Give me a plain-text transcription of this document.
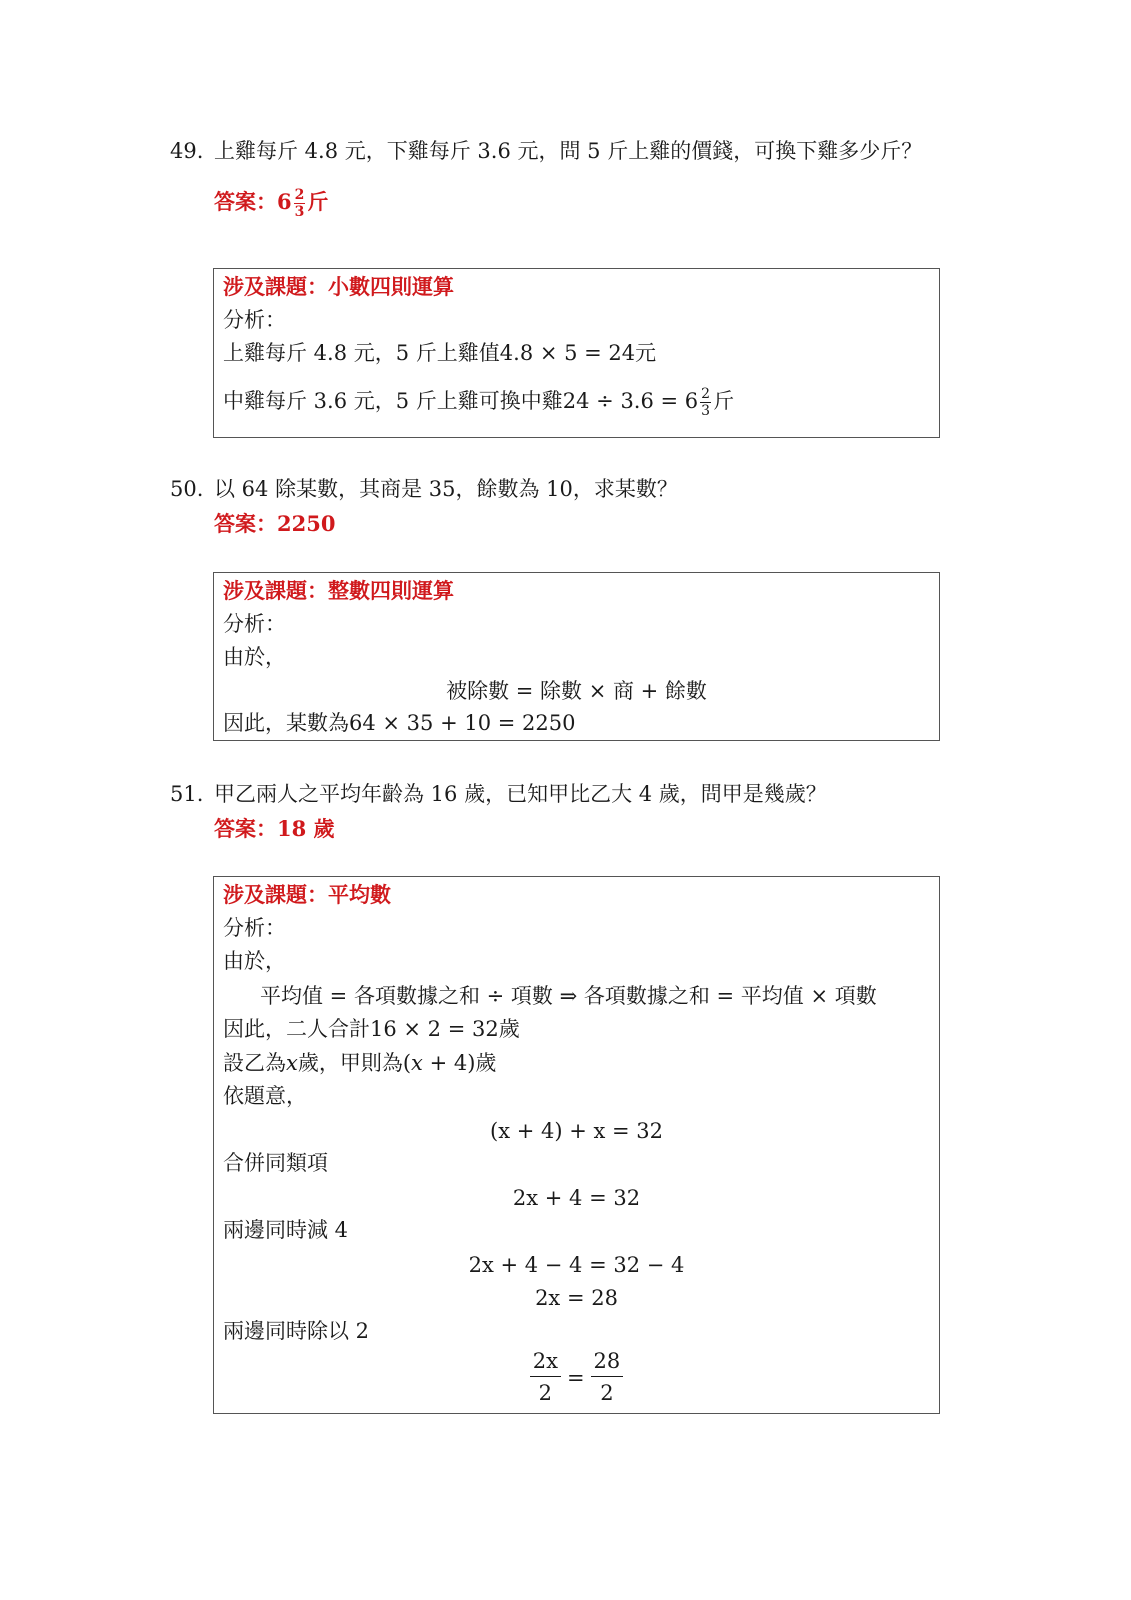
49. 上雞每斤 4.8 元，下雞每斤 3.6 元，問 5 斤上雞的價錢，可換下雞多少斤？
答案：$6 \frac{2}{3}$ 斤
涉及課題：小數四則運算
分析：
上雞每斤 4.8 元，5 斤上雞值4.8 × 5 = 24元
中雞每斤 3.6 元，5 斤上雞可換中雞$24 \div 3.6 = 6 \frac{2}{3}$ 斤
50. 以 64 除某數，其商是 35，餘數為 10，求某數？
答案：2250
涉及課題：整數四則運算
分析：
由於，
被除數 = 除數 × 商 + 餘數
因此，某數為64 × 35 + 10 = 2250
51. 甲乙兩人之平均年齡為 16 歲，已知甲比乙大 4 歲，問甲是幾歲？
答案：18 歲
涉及課題：平均數
分析：
由於，
平均值 = 各項數據之和 ÷ 項數 ⇒ 各項數據之和 = 平均值 × 項數
因此，二人合計16 × 2 = 32歲
設乙為x歲，甲則為(x + 4)歲
依題意，
(x + 4) + x = 32
合併同類項
2x + 4 = 32
兩邊同時減 4
2x + 4 − 4 = 32 − 4
2x = 28
兩邊同時除以 2
$\frac{2x}{2} = \frac{28}{2}$
